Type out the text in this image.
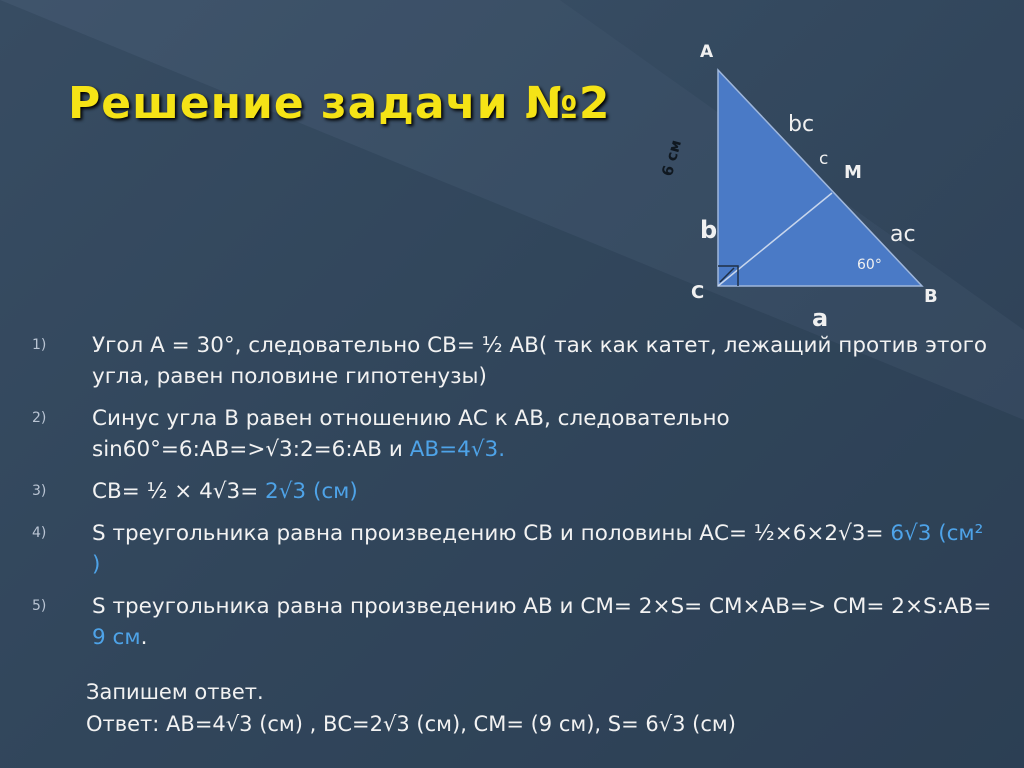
Решение задачи №2
A
bc
c
M
6 см
b	ac
60°
C	B
a
1)	Угол А = 30°, следовательно СВ= ½ АВ( так как катет, лежащий против этого угла, равен половине гипотенузы)

2)	Синус угла В равен отношению АС к АВ, следовательно sin60°=6:AB=>√3:2=6:AB и AB=4√3.

3)	СВ= ½ × 4√3= 2√3 (см)

4)	S треугольника равна произведению СВ и половины АС= ½×6×2√3= 6√3 (см² )

5)	S треугольника равна произведению АВ и СМ= 2×S= CM×AB=> CM= 2×S:AB= 9 см.

Запишем ответ.
Ответ: АВ=4√3 (см) , ВС=2√3 (см), СМ= (9 см), S= 6√3 (см)
